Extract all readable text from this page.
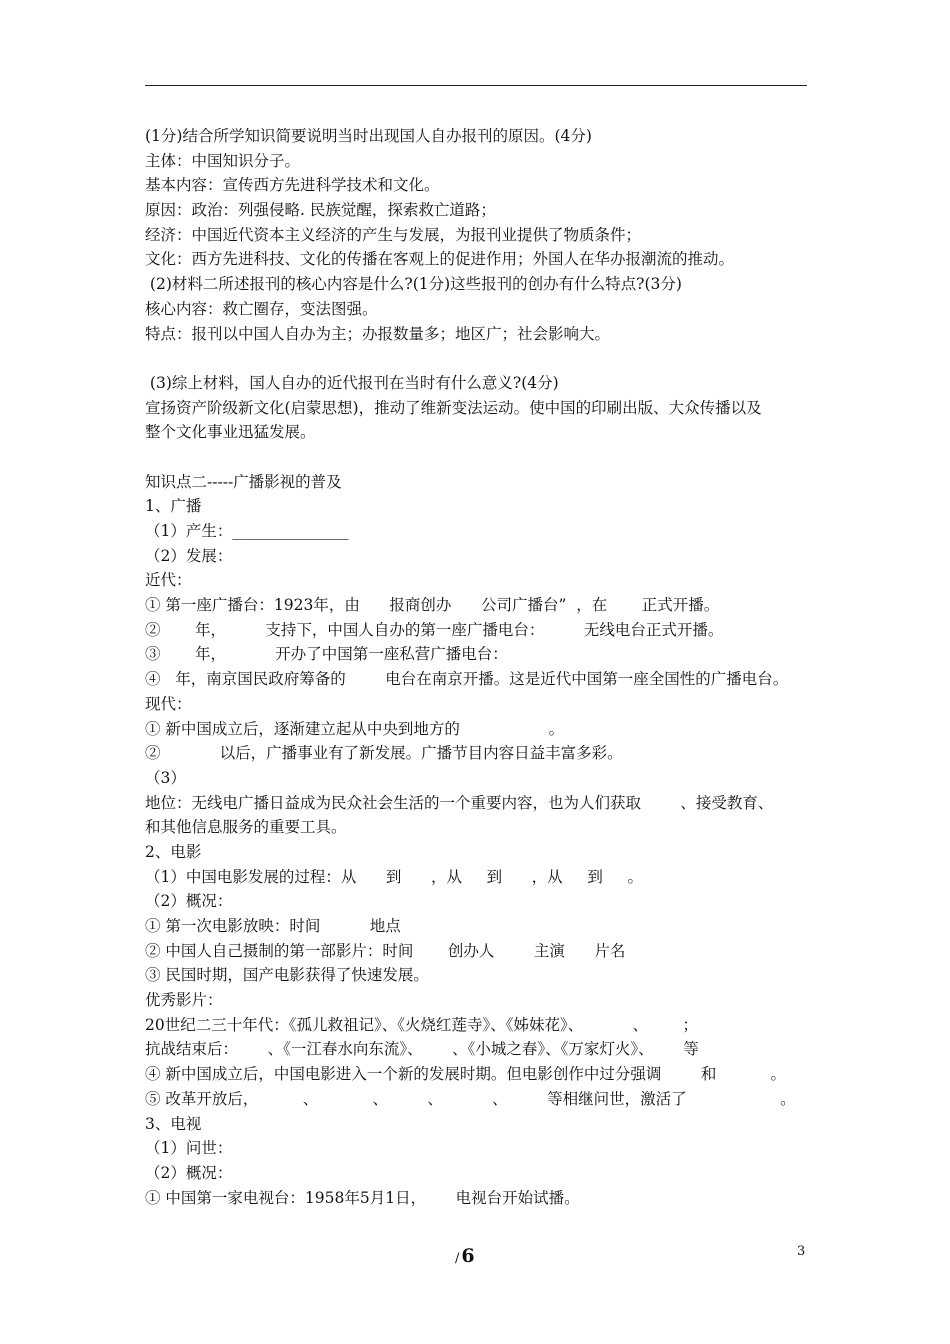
(1分)结合所学知识简要说明当时出现国人自办报刊的原因。(4分)
主体：中国知识分子。
基本内容：宣传西方先进科学技术和文化。
原因：政治：列强侵略. 民族觉醒，探索救亡道路；
经济：中国近代资本主义经济的产生与发展，为报刊业提供了物质条件；
文化：西方先进科技、文化的传播在客观上的促进作用；外国人在华办报潮流的推动。
(2)材料二所述报刊的核心内容是什么?(1分)这些报刊的创办有什么特点?(3分)
核心内容：救亡圈存，变法图强。
特点：报刊以中国人自办为主；办报数量多；地区广；社会影响大。
(3)综上材料，国人自办的近代报刊在当时有什么意义?(4分)
宣扬资产阶级新文化(启蒙思想)，推动了维新变法运动。使中国的印刷出版、大众传播以及
整个文化事业迅猛发展。
知识点二-----广播影视的普及
1、广播
（1）产生：_______________
（2）发展：
近代：
① 第一座广播台：1923年，由      报商创办      公司广播台”  ，在       正式开播。
②       年，        支持下，中国人自办的第一座广播电台：        无线电台正式开播。
③       年，          开办了中国第一座私营广播电台：
④   年，南京国民政府筹备的        电台在南京开播。这是近代中国第一座全国性的广播电台。
现代：
① 新中国成立后，逐渐建立起从中央到地方的                  。
②            以后，广播事业有了新发展。广播节目内容日益丰富多彩。
（3）
地位：无线电广播日益成为民众社会生活的一个重要内容，也为人们获取        、接受教育、
和其他信息服务的重要工具。
2、电影
（1）中国电影发展的过程：从      到      ，从     到      ，从     到     。
（2）概况：
① 第一次电影放映：时间          地点
② 中国人自己摄制的第一部影片：时间       创办人        主演      片名
③ 民国时期，国产电影获得了快速发展。
优秀影片：
20世纪二三十年代：《孤儿救祖记》、《火烧红莲寺》、《姊妹花》、          、       ；
抗战结束后：      、《一江春水向东流》、      、《小城之春》、《万家灯火》、      等
④ 新中国成立后，中国电影进入一个新的发展时期。但电影创作中过分强调        和           。
⑤ 改革开放后，         、           、        、          、        等相继问世，激活了                   。
3、电视
（1）问世：
（2）概况：
① 中国第一家电视台：1958年5月1日，      电视台开始试播。
/ 6	3
